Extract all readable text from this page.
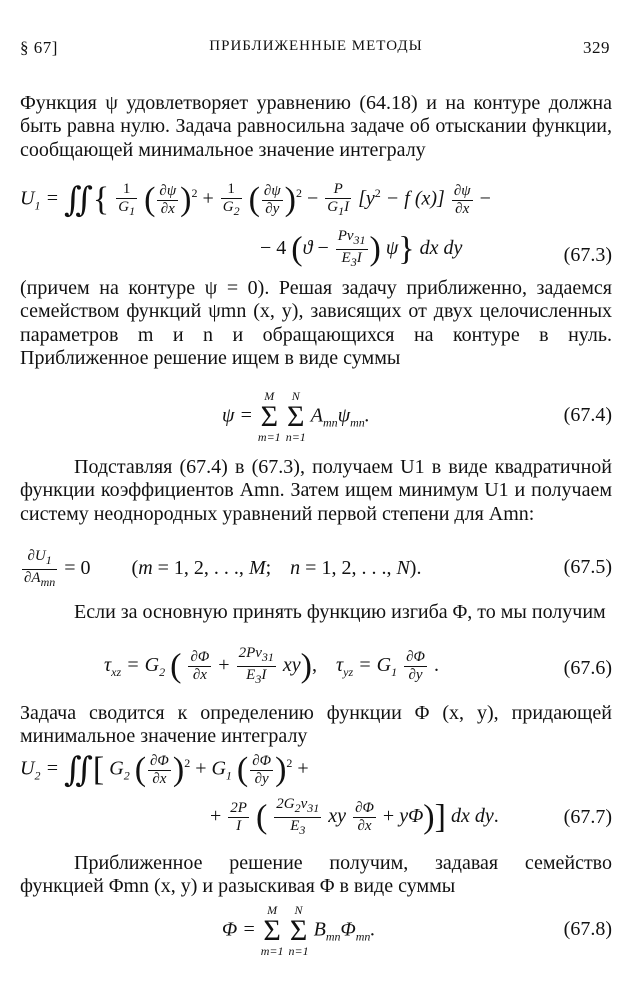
§ 67]	ПРИБЛИЖЕННЫЕ МЕТОДЫ	329

Функция ψ удовлетворяет уравнению (64.18) и на контуре должна быть равна нулю. Задача равносильна задаче об отыскании функции, сообщающей минимальное значение интегралу

$U_1$ = ∬{ $\frac{1}{G_1}$ ( $\frac{\partial\psi}{\partial x} )^2 + \frac{1}{G_2}$ ( $\frac{\partial\psi}{\partial y} )^2 - \frac{P}{G_1I} [y^2 - f$ $(x)] \frac{\partial\psi}{\partial x}$ −
− 4 ($ϑ - \frac{P\nu_{31}}{E_3I}$ ) ψ} dx dy	(67.3)

(причем на контуре ψ = 0). Решая задачу приближенно, задаемся семейством функций ψmn (x, y), зависящих от двух целочисленных параметров m и n и обращающихся на контуре в нуль. Приближенное решение ищем в виде суммы

ψ =
M
Σ
m=1

N
Σ
n=1
$A_{mn}\psi_{mn}$.	(67.4)

Подставляя (67.4) в (67.3), получаем U1 в виде квадратичной функции коэффициентов Amn. Затем ищем минимум U1 и получаем систему неоднородных уравнений первой степени для Amn:

$\frac{\partial U_1}{\partial A_{mn}} = 0$ (m = 1, 2, . . ., M; n = 1, 2, . . ., N).	(67.5)

Если за основную принять функцию изгиба Φ, то мы получим

$\tau_{xz} = G_2$ ( $\frac{\partial\Phi}{\partial x} + \frac{2P\nu_{31}}{E_3I} xy$), $\tau_{yz} = G_1 \frac{\partial\Phi}{\partial y}$ .	(67.6)

Задача сводится к определению функции Φ (x, y), придающей минимальное значение интегралу

$U_2$ = ∬[ $G_2$ ( $\frac{\partial\Phi}{\partial x} )^2 + G_1$ ( $\frac{\partial\Phi}{\partial y} )^2$ +
+ $\frac{2P}{I}$ ( $\frac{2G_2\nu_{31}}{E_3}$ xy $\frac{\partial\Phi}{\partial x} + y\Phi$)] dx dy.	(67.7)

Приближенное решение получим, задавая семейство функцией Φmn (x, y) и разыскивая Φ в виде суммы

Φ =
M
Σ
m=1

N
Σ
n=1
$B_{mn}\Phi_{mn}$.	(67.8)
